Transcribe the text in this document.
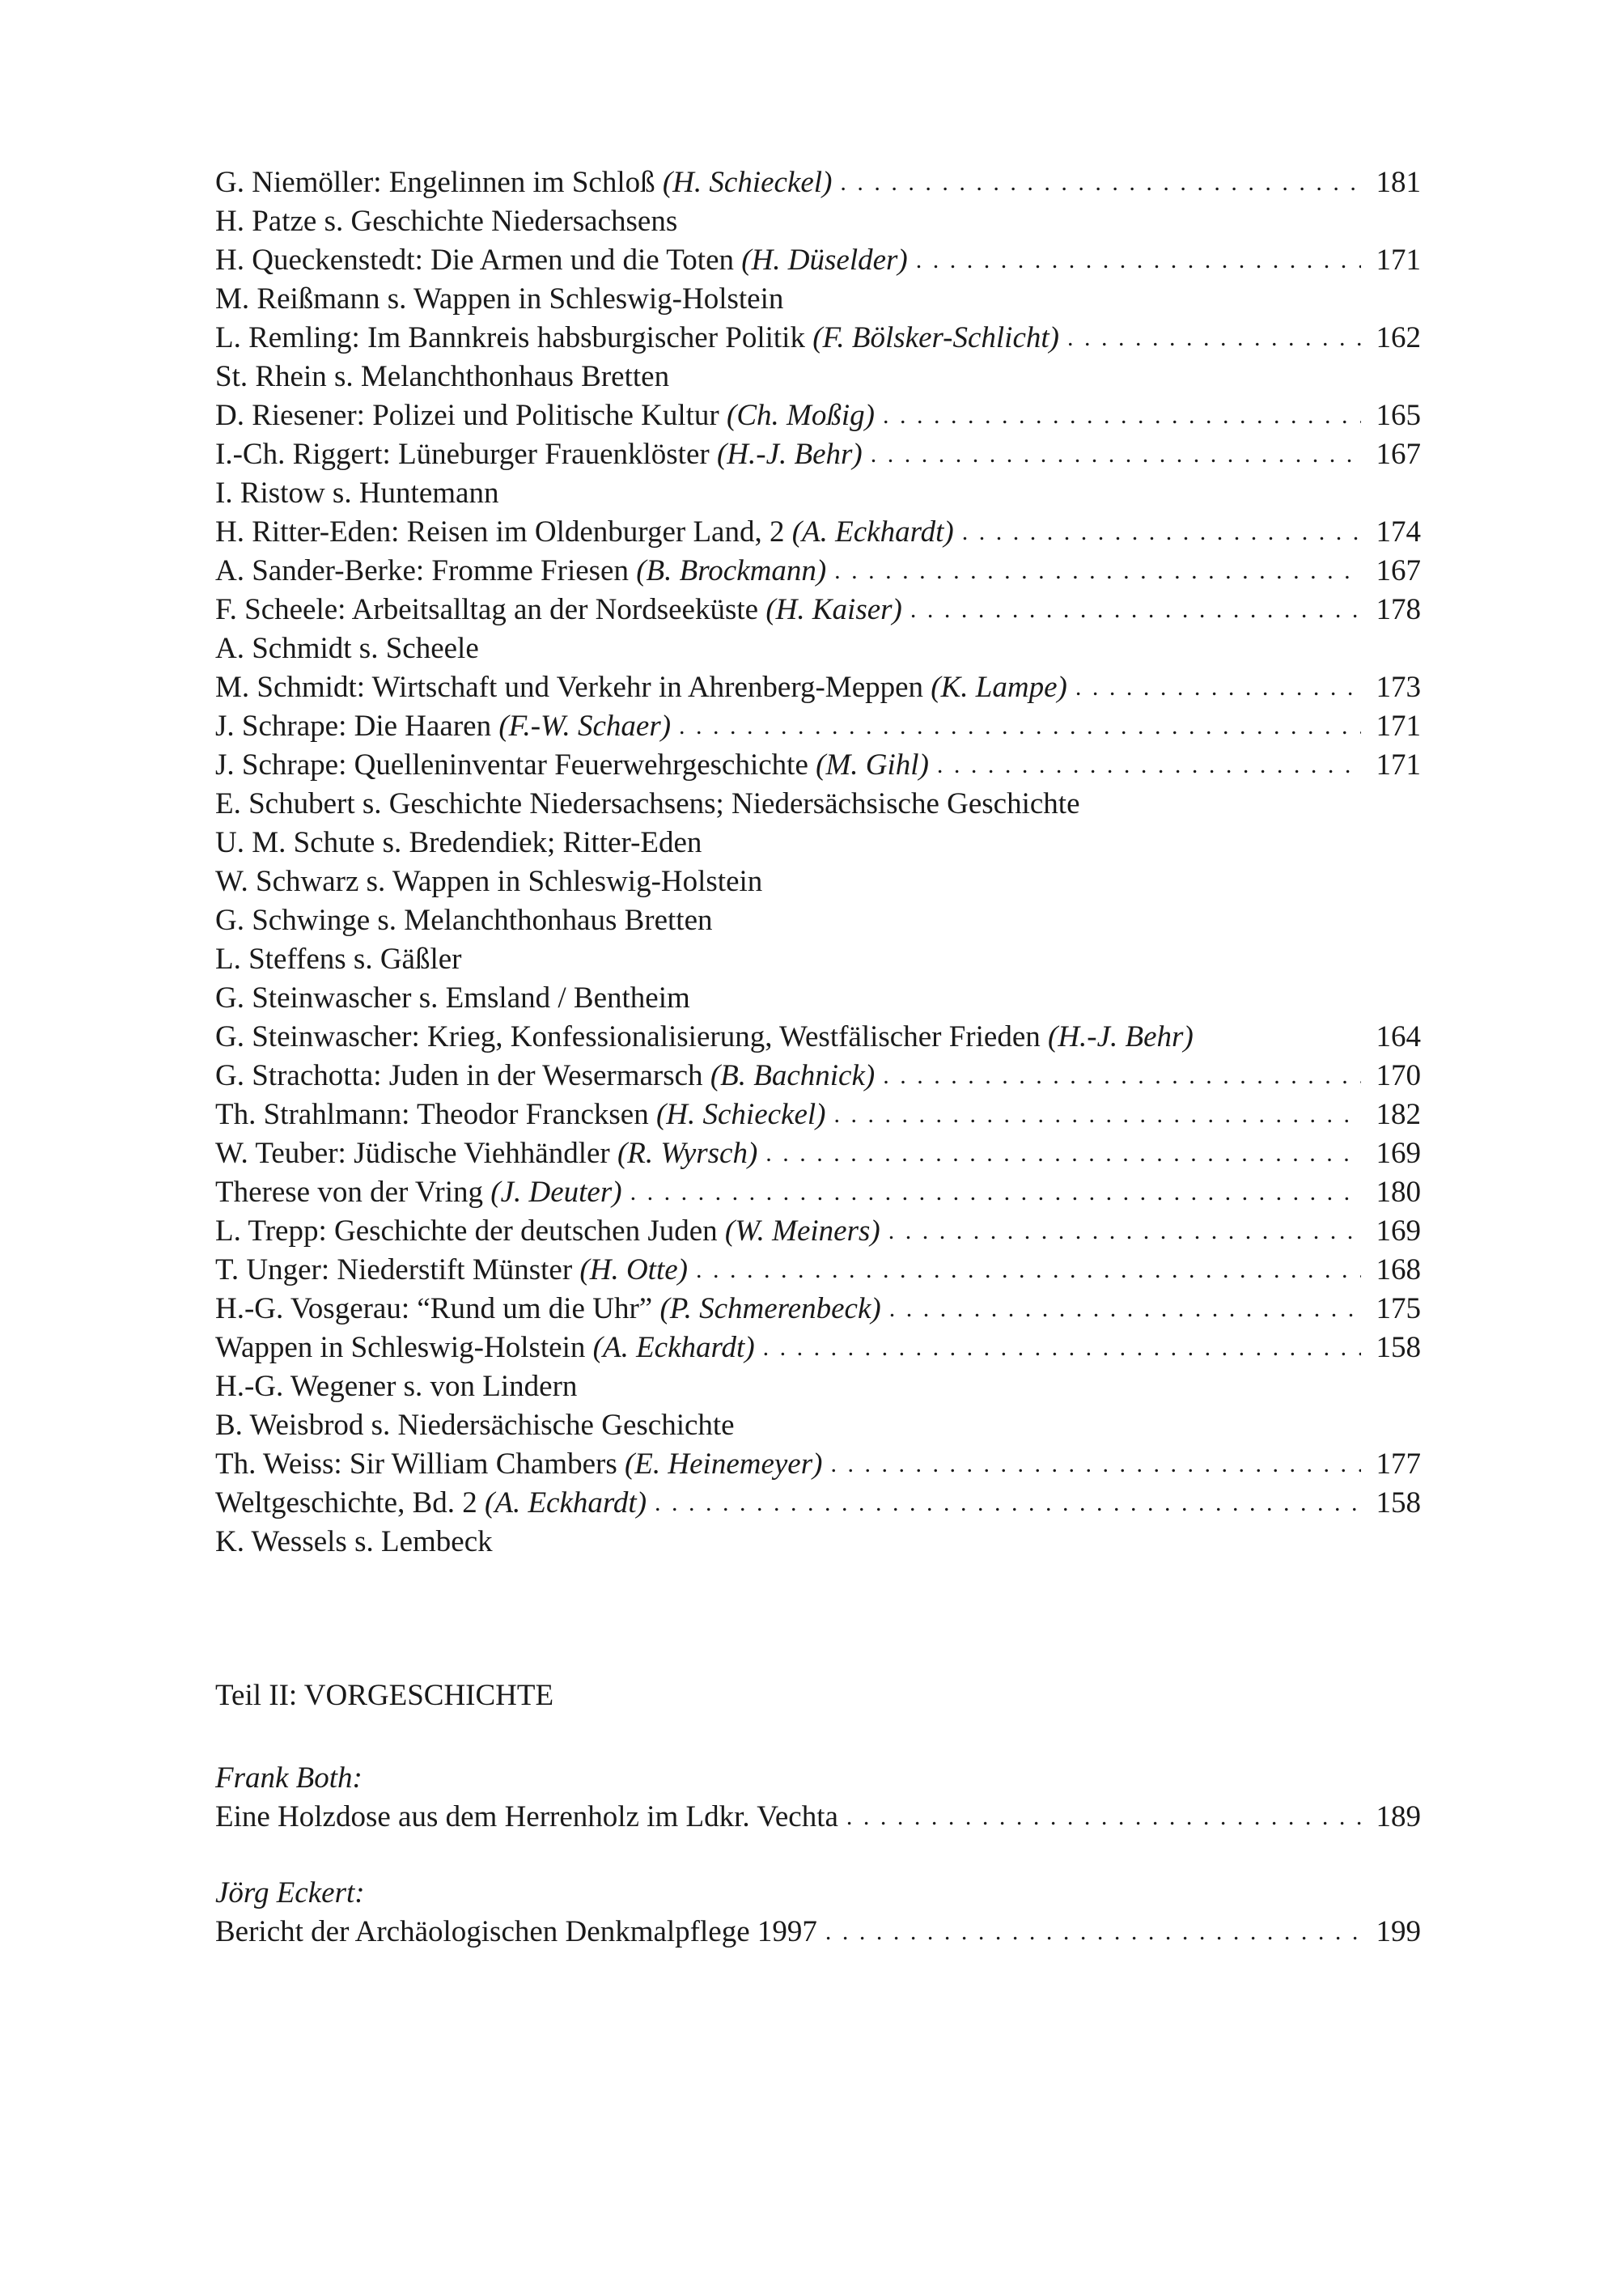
G. Niemöller: Engelinnen im Schloß (H. Schieckel) . . .	181
H. Patze s. Geschichte Niedersachsens
H. Queckenstedt: Die Armen und die Toten (H. Düselder) . . .	171
M. Reißmann s. Wappen in Schleswig-Holstein
L. Remling: Im Bannkreis habsburgischer Politik (F. Bölsker-Schlicht) . . .	162
St. Rhein s. Melanchthonhaus Bretten
D. Riesener: Polizei und Politische Kultur (Ch. Moßig) . . .	165
I.-Ch. Riggert: Lüneburger Frauenklöster (H.-J. Behr) . . .	167
I. Ristow s. Huntemann
H. Ritter-Eden: Reisen im Oldenburger Land, 2 (A. Eckhardt) . . .	174
A. Sander-Berke: Fromme Friesen (B. Brockmann) . . .	167
F. Scheele: Arbeitsalltag an der Nordseeküste (H. Kaiser) . . .	178
A. Schmidt s. Scheele
M. Schmidt: Wirtschaft und Verkehr in Ahrenberg-Meppen (K. Lampe) . . .	173
J. Schrape: Die Haaren (F.-W. Schaer) . . .	171
J. Schrape: Quelleninventar Feuerwehrgeschichte (M. Gihl) . . .	171
E. Schubert s. Geschichte Niedersachsens; Niedersächsische Geschichte
U. M. Schute s. Bredendiek; Ritter-Eden
W. Schwarz s. Wappen in Schleswig-Holstein
G. Schwinge s. Melanchthonhaus Bretten
L. Steffens s. Gäßler
G. Steinwascher s. Emsland / Bentheim
G. Steinwascher: Krieg, Konfessionalisierung, Westfälischer Frieden (H.-J. Behr)	164
G. Strachotta: Juden in der Wesermarsch (B. Bachnick) . . .	170
Th. Strahlmann: Theodor Francksen (H. Schieckel) . . .	182
W. Teuber: Jüdische Viehhändler (R. Wyrsch) . . .	169
Therese von der Vring (J. Deuter) . . .	180
L. Trepp: Geschichte der deutschen Juden (W. Meiners) . . .	169
T. Unger: Niederstift Münster (H. Otte) . . .	168
H.-G. Vosgerau: “Rund um die Uhr” (P. Schmerenbeck) . . .	175
Wappen in Schleswig-Holstein (A. Eckhardt) . . .	158
H.-G. Wegener s. von Lindern
B. Weisbrod s. Niedersächische Geschichte
Th. Weiss: Sir William Chambers (E. Heinemeyer) . . .	177
Weltgeschichte, Bd. 2 (A. Eckhardt) . . .	158
K. Wessels s. Lembeck
Teil II: VORGESCHICHTE
Frank Both:
Eine Holzdose aus dem Herrenholz im Ldkr. Vechta . . .	189
Jörg Eckert:
Bericht der Archäologischen Denkmalpflege 1997 . . .	199
